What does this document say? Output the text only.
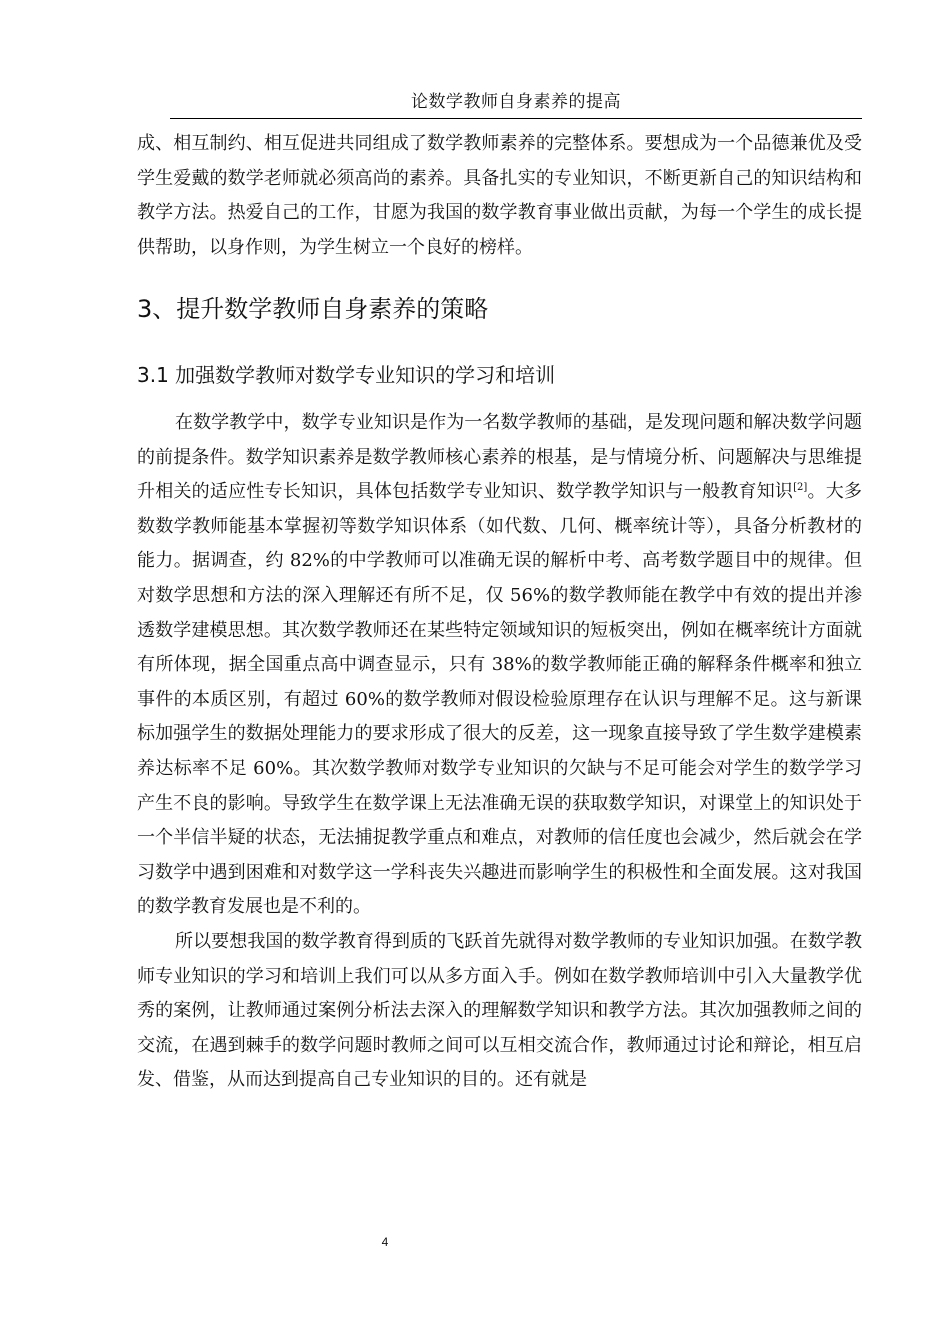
论数学教师自身素养的提高

成、相互制约、相互促进共同组成了数学教师素养的完整体系。要想成为一个品德兼优及受学生爱戴的数学老师就必须高尚的素养。具备扎实的专业知识，不断更新自己的知识结构和教学方法。热爱自己的工作，甘愿为我国的数学教育事业做出贡献，为每一个学生的成长提供帮助，以身作则，为学生树立一个良好的榜样。

3、提升数学教师自身素养的策略
3.1 加强数学教师对数学专业知识的学习和培训

在数学教学中，数学专业知识是作为一名数学教师的基础，是发现问题和解决数学问题的前提条件。数学知识素养是数学教师核心素养的根基，是与情境分析、问题解决与思维提升相关的适应性专长知识，具体包括数学专业知识、数学教学知识与一般教育知识[2]。大多数数学教师能基本掌握初等数学知识体系（如代数、几何、概率统计等），具备分析教材的能力。据调查，约 82%的中学教师可以准确无误的解析中考、高考数学题目中的规律。但对数学思想和方法的深入理解还有所不足，仅 56%的数学教师能在教学中有效的提出并渗透数学建模思想。其次数学教师还在某些特定领域知识的短板突出，例如在概率统计方面就有所体现，据全国重点高中调查显示，只有 38%的数学教师能正确的解释条件概率和独立事件的本质区别，有超过 60%的数学教师对假设检验原理存在认识与理解不足。这与新课标加强学生的数据处理能力的要求形成了很大的反差，这一现象直接导致了学生数学建模素养达标率不足 60%。其次数学教师对数学专业知识的欠缺与不足可能会对学生的数学学习产生不良的影响。导致学生在数学课上无法准确无误的获取数学知识，对课堂上的知识处于一个半信半疑的状态，无法捕捉教学重点和难点，对教师的信任度也会减少，然后就会在学习数学中遇到困难和对数学这一学科丧失兴趣进而影响学生的积极性和全面发展。这对我国的数学教育发展也是不利的。

所以要想我国的数学教育得到质的飞跃首先就得对数学教师的专业知识加强。在数学教师专业知识的学习和培训上我们可以从多方面入手。例如在数学教师培训中引入大量教学优秀的案例，让教师通过案例分析法去深入的理解数学知识和教学方法。其次加强教师之间的交流，在遇到棘手的数学问题时教师之间可以互相交流合作，教师通过讨论和辩论，相互启发、借鉴，从而达到提高自己专业知识的目的。还有就是

4
